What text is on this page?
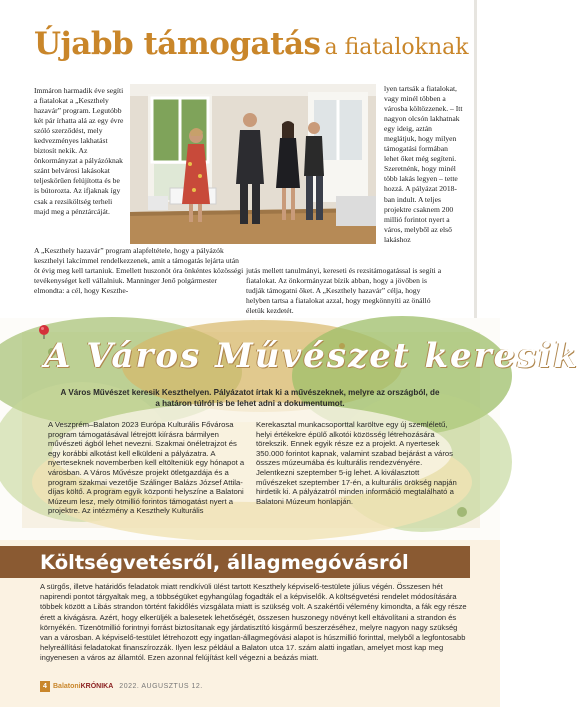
Újabb támogatás a fiataloknak
Immáron harmadik éve segíti a fiatalokat a „Keszthely hazavár” program. Legutóbb két pár írhatta alá az egy évre szóló szerződést, mely kedvezményes lakhatást biztosít nekik. Az önkormányzat a pályázóknak szánt belvárosi lakásokat teljeskörűen felújította és be is bútorozta. Az ifjaknak így csak a rezsiköltség terheli majd meg a pénztárcáját.
A „Keszthely hazavár” program alapfeltétele, hogy a pályázók keszthelyi lakcímmel rendelkezzenek, amit a támogatás lejárta után öt évig meg kell tartaniuk. Emellett huszonöt óra önkéntes közösségi tevékenységet kell vállalniuk. Manninger Jenő polgármester elmondta: a cél, hogy Keszthe-
jutás mellett tanulmányi, kereseti és rezsitámogatással is segíti a fiatalokat. Az önkormányzat bízik abban, hogy a jövőben is tudják támogatni őket. A „Keszthely hazavár” célja, hogy helyben tartsa a fiatalokat azzal, hogy megkönnyíti az önálló életük kezdetét.
lyen tartsák a fiatalokat, vagy minél többen a városba költözzenek. – Itt nagyon olcsón lakhatnak egy ideig, aztán meglátjuk, hogy milyen támogatási formában lehet őket még segíteni. Szeretnénk, hogy minél több lakás legyen – tette hozzá. A pályázat 2018-ban indult. A teljes projektre csaknem 200 millió forintot nyert a város, melyből az első lakáshoz
A Város Művészet keresik
A Város Művészet keresik Keszthelyen. Pályázatot írtak ki a művészeknek, melyre az országból, de a határon túlról is be lehet adni a dokumentumot.
A Veszprém–Balaton 2023 Európa Kulturális Fővárosa program támogatásával létrejött kiírásra bármilyen művészeti ágból lehet nevezni. Szakmai önéletrajzot és egy korábbi alkotást kell elküldeni a pályázatra. A nyerteseknek novemberben kell eltölteniük egy hónapot a városban. A Város Művésze projekt ötletgazdája és a program szakmai vezetője Szálinger Balázs József Attila-díjas költő. A program egyik központi helyszíne a Balatoni Múzeum lesz, mely ötmillió forintos támogatást nyert a projektre. Az intézmény a Keszthely Kulturális
Kerekasztal munkacsoporttal karöltve egy új szemléletű, helyi értékekre épülő alkotói közösség létrehozására törekszik. Ennek egyik része ez a projekt. A nyertesek 350.000 forintot kapnak, valamint szabad bejárást a város összes múzeumába és kulturális rendezvényére. Jelentkezni szeptember 5-ig lehet. A kiválasztott művészeket szeptember 17-én, a kulturális örökség napján hirdetik ki. A pályázatról minden információ megtalálható a Balatoni Múzeum honlapján.
Költségvetésről, állagmegóvásról
A sürgős, illetve határidős feladatok miatt rendkívüli ülést tartott Keszthely képviselő-testülete július végén. Összesen hét napirendi pontot tárgyaltak meg, a többségüket egyhangúlag fogadták el a képviselők. A költségvetési rendelet módosítására többek között a Libás strandon történt fakidőlés vizsgálata miatt is szükség volt. A szakértői vélemény kimondta, a fák egy része érett a kivágásra. Azért, hogy elkerüljék a balesetek lehetőségét, összesen huszonegy növényt kell eltávolítani a strandon és környékén. Tizenötmillió forintnyi forrást biztosítanak egy járdatisztító kisgármű beszerzéséhez, melyre nagyon nagy szükség van a városban. A képviselő-testület létrehozott egy ingatlan-állagmegóvási alapot is húszmillió forinttal, melyből a legfontosabb helyreállítási feladatokat finanszírozzák. Ilyen lesz például a Balaton utca 17. szám alatti ingatlan, amelyet most kap meg ingyenesen a város az államtól. Ezen azonnal felújítást kell végezni a beázás miatt.
4 BalatoniKRÓNIKA 2022. AUGUSZTUS 12.
